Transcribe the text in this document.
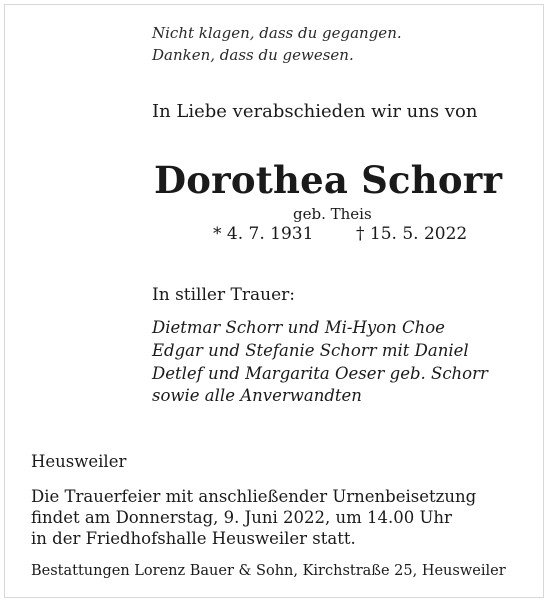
Nicht klagen, dass du gegangen.
Danken, dass du gewesen.
In Liebe verabschieden wir uns von
Dorothea Schorr
geb. Theis
* 4. 7. 1931	† 15. 5. 2022
In stiller Trauer:
Dietmar Schorr und Mi-Hyon Choe
Edgar und Stefanie Schorr mit Daniel
Detlef und Margarita Oeser geb. Schorr
sowie alle Anverwandten
Heusweiler
Die Trauerfeier mit anschließender Urnenbeisetzung
findet am Donnerstag, 9. Juni 2022, um 14.00 Uhr
in der Friedhofshalle Heusweiler statt.
Bestattungen Lorenz Bauer & Sohn, Kirchstraße 25, Heusweiler
